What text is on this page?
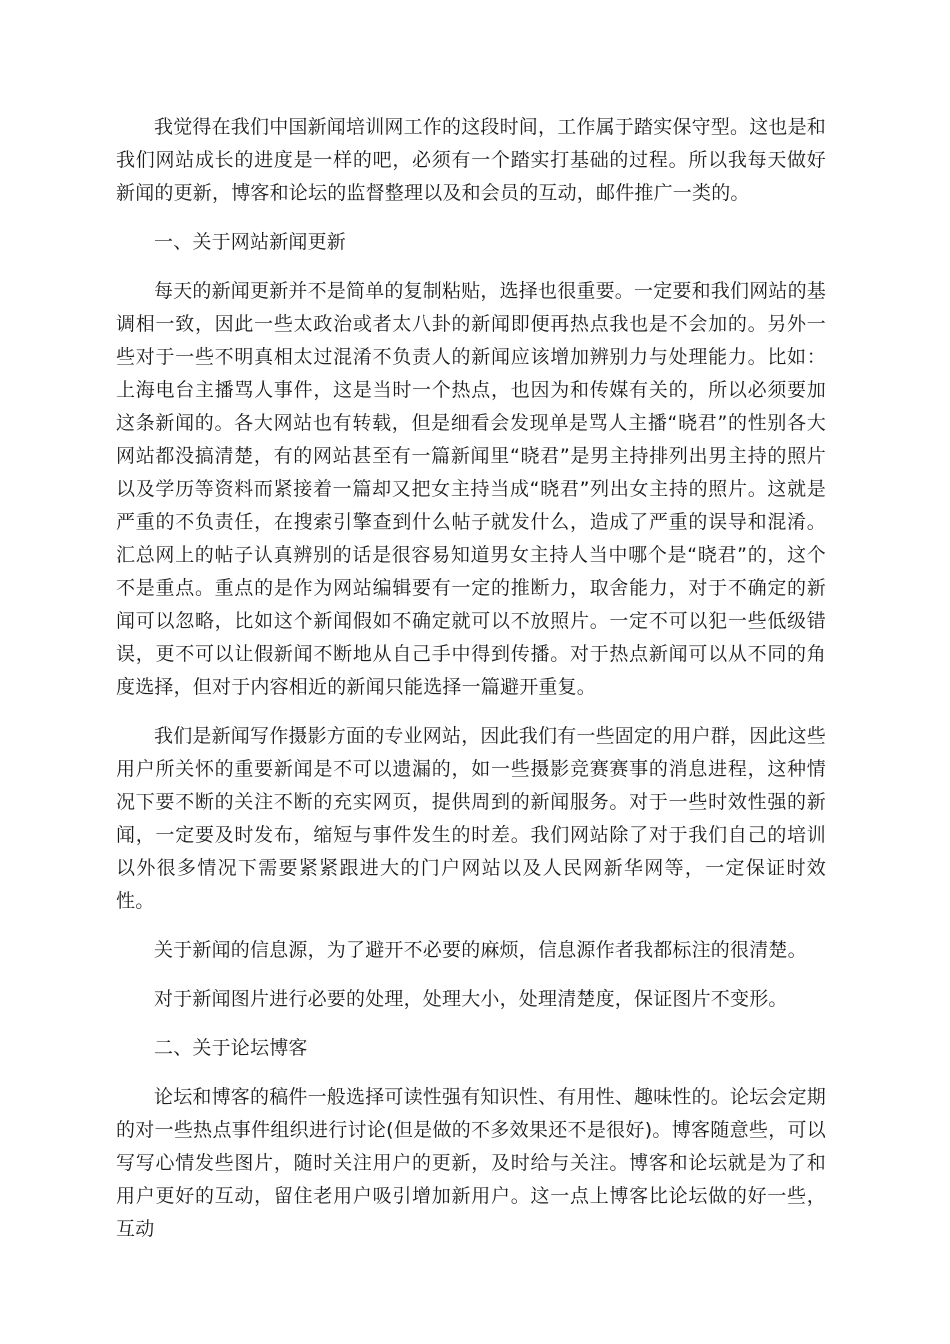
我觉得在我们中国新闻培训网工作的这段时间，工作属于踏实保守型。这也是和我们网站成长的进度是一样的吧，必须有一个踏实打基础的过程。所以我每天做好新闻的更新，博客和论坛的监督整理以及和会员的互动，邮件推广一类的。

一、关于网站新闻更新

每天的新闻更新并不是简单的复制粘贴，选择也很重要。一定要和我们网站的基调相一致，因此一些太政治或者太八卦的新闻即便再热点我也是不会加的。另外一些对于一些不明真相太过混淆不负责人的新闻应该增加辨别力与处理能力。比如：上海电台主播骂人事件，这是当时一个热点，也因为和传媒有关的，所以必须要加这条新闻的。各大网站也有转载，但是细看会发现单是骂人主播“晓君”的性别各大网站都没搞清楚，有的网站甚至有一篇新闻里“晓君”是男主持排列出男主持的照片以及学历等资料而紧接着一篇却又把女主持当成“晓君”列出女主持的照片。这就是严重的不负责任，在搜索引擎查到什么帖子就发什么，造成了严重的误导和混淆。汇总网上的帖子认真辨别的话是很容易知道男女主持人当中哪个是“晓君”的，这个不是重点。重点的是作为网站编辑要有一定的推断力，取舍能力，对于不确定的新闻可以忽略，比如这个新闻假如不确定就可以不放照片。一定不可以犯一些低级错误，更不可以让假新闻不断地从自己手中得到传播。对于热点新闻可以从不同的角度选择，但对于内容相近的新闻只能选择一篇避开重复。

我们是新闻写作摄影方面的专业网站，因此我们有一些固定的用户群，因此这些用户所关怀的重要新闻是不可以遗漏的，如一些摄影竞赛赛事的消息进程，这种情况下要不断的关注不断的充实网页，提供周到的新闻服务。对于一些时效性强的新闻，一定要及时发布，缩短与事件发生的时差。我们网站除了对于我们自己的培训以外很多情况下需要紧紧跟进大的门户网站以及人民网新华网等，一定保证时效性。

关于新闻的信息源，为了避开不必要的麻烦，信息源作者我都标注的很清楚。

对于新闻图片进行必要的处理，处理大小，处理清楚度，保证图片不变形。

二、关于论坛博客

论坛和博客的稿件一般选择可读性强有知识性、有用性、趣味性的。论坛会定期的对一些热点事件组织进行讨论(但是做的不多效果还不是很好)。博客随意些，可以写写心情发些图片，随时关注用户的更新，及时给与关注。博客和论坛就是为了和用户更好的互动，留住老用户吸引增加新用户。这一点上博客比论坛做的好一些，互动
